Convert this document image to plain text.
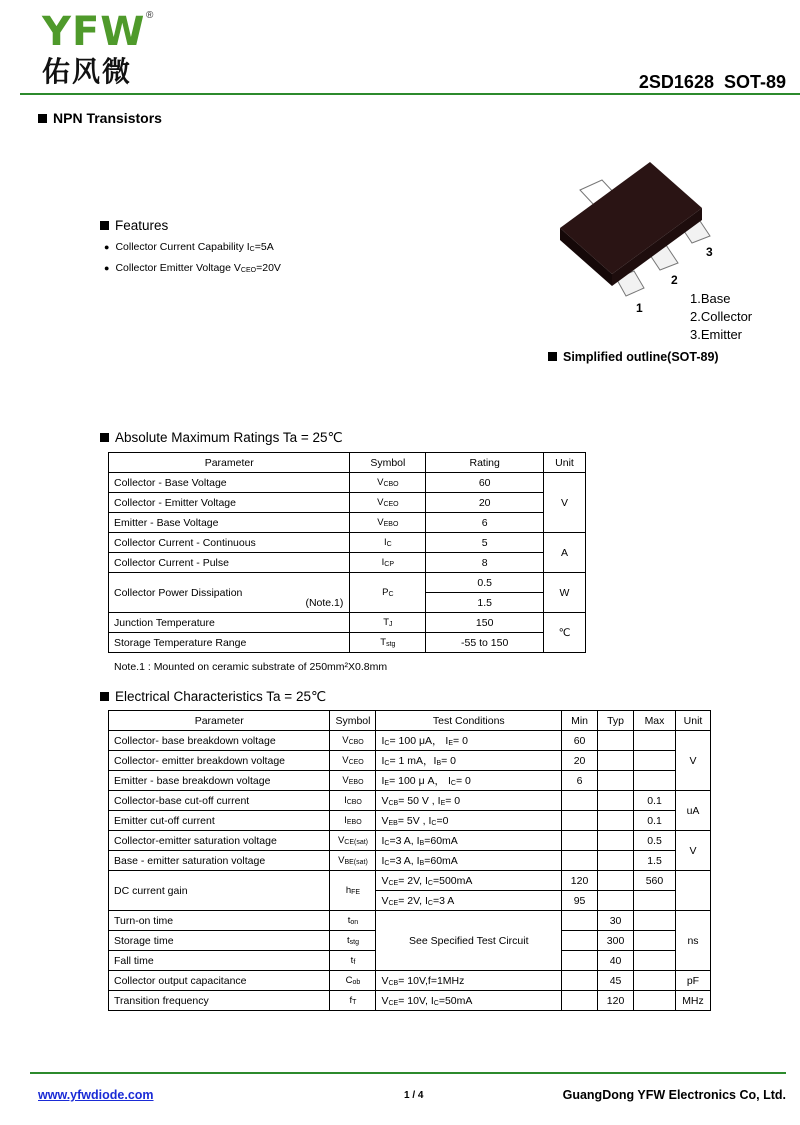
YFW ®
佑风微	2SD1628  SOT-89
NPN Transistors
Features
● Collector Current Capability $I_C=5A$
● Collector Emitter Voltage $V_{CEO}=20V$
3
2
1
1.Base
2.Collector
3.Emitter
Simplified outline(SOT-89)
Absolute Maximum Ratings Ta = 25℃
Parameter	Symbol	Rating	Unit
Collector - Base Voltage	$V_{CBO}$	60	V
Collector - Emitter Voltage	$V_{CEO}$	20	
Emitter - Base Voltage	$V_{EBO}$	6	
Collector Current - Continuous	$I_C$	5	A
Collector Current - Pulse	$I_{CP}$	8	
Collector Power Dissipation
(Note.1)	$P_C$	0.5	W
		1.5	
Junction Temperature	$T_J$	150	℃
Storage Temperature Range	$T_{stg}$	-55 to 150	
Note.1 : Mounted on ceramic substrate of 250mm²X0.8mm
Electrical Characteristics Ta = 25℃
Parameter	Symbol	Test Conditions	Min	Typ	Max	Unit
Collector- base breakdown voltage	$V_{CBO}$	$I_C= 100$ μA， $I_E= 0$	60			V
Collector- emitter breakdown voltage	$V_{CEO}$	$I_C= 1$ mA，$I_B= 0$	20			
Emitter - base breakdown voltage	$V_{EBO}$	$I_E= 100$ μ A， $I_C= 0$	6			
Collector-base cut-off current	$I_{CBO}$	$V_{CB}= 50$ V , $I_E= 0$			0.1	uA
Emitter cut-off current	$I_{EBO}$	$V_{EB}= 5V$ , $I_C=0$			0.1	
Collector-emitter saturation voltage	$V_{CE(sat)}$	$I_C=3$ A, $I_B=60mA$			0.5	V
Base - emitter saturation voltage	$V_{BE(sat)}$	$I_C=3$ A, $I_B=60mA$			1.5	
DC current gain	$h_{FE}$	$V_{CE}= 2V$, $I_C=500mA$	120		560	
		$V_{CE}= 2V$, $I_C=3$ A	95			
Turn-on time	$t_{on}$	See Specified Test Circuit		30		ns
Storage time	$t_{stg}$			300		
Fall time	$t_f$			40		
Collector output capacitance	$C_{ob}$	$V_{CB}= 10V,f=1MHz$		45		pF
Transition frequency	$f_T$	$V_{CE}= 10V$, $I_C=50mA$		120		MHz
www.yfwdiode.com	1 / 4	GuangDong YFW Electronics Co, Ltd.
